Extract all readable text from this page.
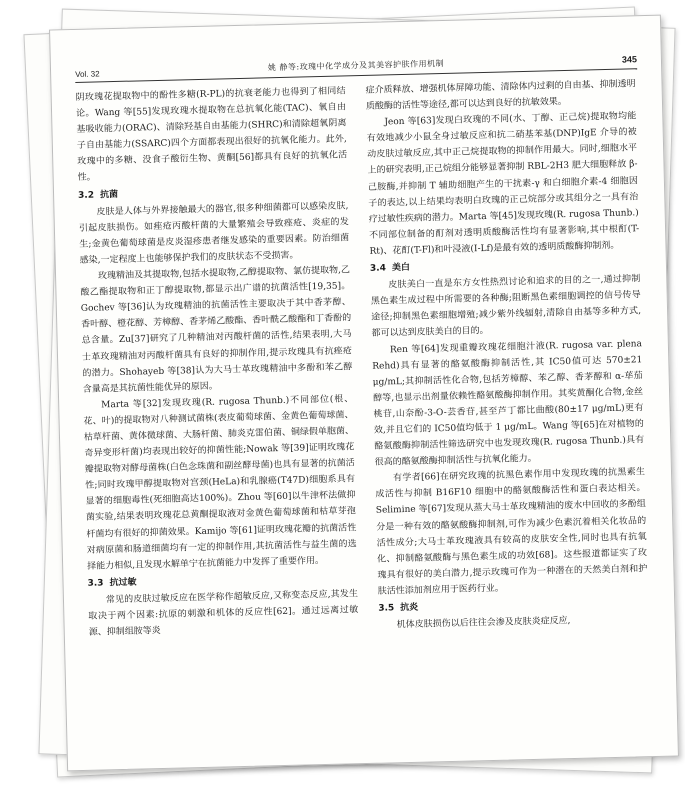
Vol. 32
姚 静等:玫瑰中化学成分及其美容护肤作用机制	345

阴玫瑰花提取物中的酚性多糖(R-PL)的抗衰老能力也得到了相同结论。Wang 等[55]发现玫瑰水提取物在总抗氧化能(TAC)、氧自由基吸收能力(ORAC)、清除羟基自由基能力(SHRC)和清除超氧阴离子自由基能力(SSARC)四个方面都表现出很好的抗氧化能力。此外,玫瑰中的多糖、没食子酸衍生物、黄酮[56]都具有良好的抗氧化活性。

3.2 抗菌

皮肤是人体与外界接触最大的器官,很多种细菌都可以感染皮肤,引起皮肤损伤。如痤疮丙酸杆菌的大量繁殖会导致痤疮、炎症的发生;金黄色葡萄球菌是皮炎湿疹患者继发感染的重要因素。防治细菌感染,一定程度上也能够保护我们的皮肤状态不受损害。

玫瑰精油及其提取物,包括水提取物,乙醇提取物、氯仿提取物,乙酸乙酯提取物和正丁醇提取物,都显示出广谱的抗菌活性[19,35]。Gochev 等[36]认为玫瑰精油的抗菌活性主要取决于其中香茅醇、香叶醇、橙花醇、芳樟醇、香茅烯乙酸酯、香叶酰乙酸酯和丁香酚的总含量。Zu[37]研究了几种精油对丙酸杆菌的活性,结果表明,大马士革玫瑰精油对丙酸杆菌具有良好的抑制作用,提示玫瑰具有抗痤疮的潜力。Shohayeb 等[38]认为大马士革玫瑰精油中多酚和苯乙醇含量高是其抗菌性能优异的原因。

Marta 等[32]发现玫瑰(R. rugosa Thunb.)不同部位(根、花、叶)的提取物对八种测试菌株(表皮葡萄球菌、金黄色葡萄球菌、枯草杆菌、黄体微球菌、大肠杆菌、肺炎克雷伯菌、铜绿假单胞菌、奇异变形杆菌)均表现出较好的抑菌性能;Nowak 等[39]证明玫瑰花瓣提取物对酵母菌株(白色念珠菌和副丝酵母菌)也具有显著的抗菌活性;同时玫瑰甲醇提取物对宫颈(HeLa)和乳腺癌(T47D)细胞系具有显著的细胞毒性(死细胞高达100%)。Zhou 等[60]以牛津杯法做抑菌实验,结果表明玫瑰花总黄酮提取液对金黄色葡萄球菌和枯草芽孢杆菌均有很好的抑菌效果。Kamijo 等[61]证明玫瑰花瓣的抗菌活性对病原菌和肠道细菌均有一定的抑制作用,其抗菌活性与益生菌的选择能力相似,且发现水解单宁在抗菌能力中发挥了重要作用。

3.3 抗过敏

常见的皮肤过敏反应在医学称作超敏反应,又称变态反应,其发生取决于两个因素:抗原的刺激和机体的反应性[62]。通过远离过敏源、抑制组胺等炎

症介质释放、增强机体屏障功能、清除体内过剩的自由基、抑制透明质酸酶的活性等途径,都可以达到良好的抗敏效果。

Jeon 等[63]发现白玫瑰的不同(水、丁醇、正己烷)提取物均能有效地减少小鼠全身过敏反应和抗二硝基苯基(DNP)IgE 介导的被动皮肤过敏反应,其中正己烷提取物的抑制作用最大。同时,细胞水平上的研究表明,正己烷组分能够显著抑制 RBL-2H3 肥大细胞释放 β-己胺酶,并抑制 T 辅助细胞产生的干扰素-γ 和白细胞介素-4 细胞因子的表达,以上结果均表明白玫瑰的正己烷部分或其组分之一具有治疗过敏性疾病的潜力。Marta 等[45]发现玫瑰(R. rugosa Thunb.)不同部位制备的酊剂对透明质酸酶活性均有显著影响,其中根酊(T-Rt)、花酊(T-Fl)和叶浸液(I-Lf)是最有效的透明质酸酶抑制剂。

3.4 美白

皮肤美白一直是东方女性热烈讨论和追求的目的之一,通过抑制黑色素生成过程中所需要的各种酶;阻断黑色素细胞调控的信号传导途径;抑制黑色素细胞增殖;减少紫外线辐射,清除自由基等多种方式,都可以达到皮肤美白的目的。

Ren 等[64]发现重瓣玫瑰花细胞汁液(R. rugosa var. plena Rehd)具有显著的酪氨酸酶抑制活性,其 IC50值可达 570±21 μg/mL;其抑制活性化合物,包括芳樟醇、苯乙醇、香茅醇和 α-荜茄醇等,也显示出剂量依赖性酪氨酸酶抑制作用。其奖黄酮化合物,金丝桃苷,山奈酚-3-O-芸香苷,甚至芦丁都比曲酸(80±17 μg/mL)更有效,并且它们的 IC50值均低于 1 μg/mL。Wang 等[65]在对植物的酪氨酸酶抑制活性筛选研究中也发现玫瑰(R. rugosa Thunb.)具有很高的酪氨酸酶抑制活性与抗氧化能力。

有学者[66]在研究玫瑰的抗黑色素作用中发现玫瑰的抗黑素生成活性与抑制 B16F10 细胞中的酪氨酸酶活性和蛋白表达相关。Selimine 等[67]发现从蒸大马士革玫瑰精油的废水中回收的多酚组分是一种有效的酪氨酸酶抑制剂,可作为减少色素沉着相关化妆品的活性成分;大马士革玫瑰液具有较高的皮肤安全性,同时也具有抗氧化、抑制酪氨酸酶与黑色素生成的功效[68]。这些报道都证实了玫瑰具有很好的美白潜力,提示玫瑰可作为一种潜在的天然美白剂和护肤活性添加剂应用于医药行业。

3.5 抗炎

机体皮肤损伤以后往往会渗及皮肤炎症反应,
